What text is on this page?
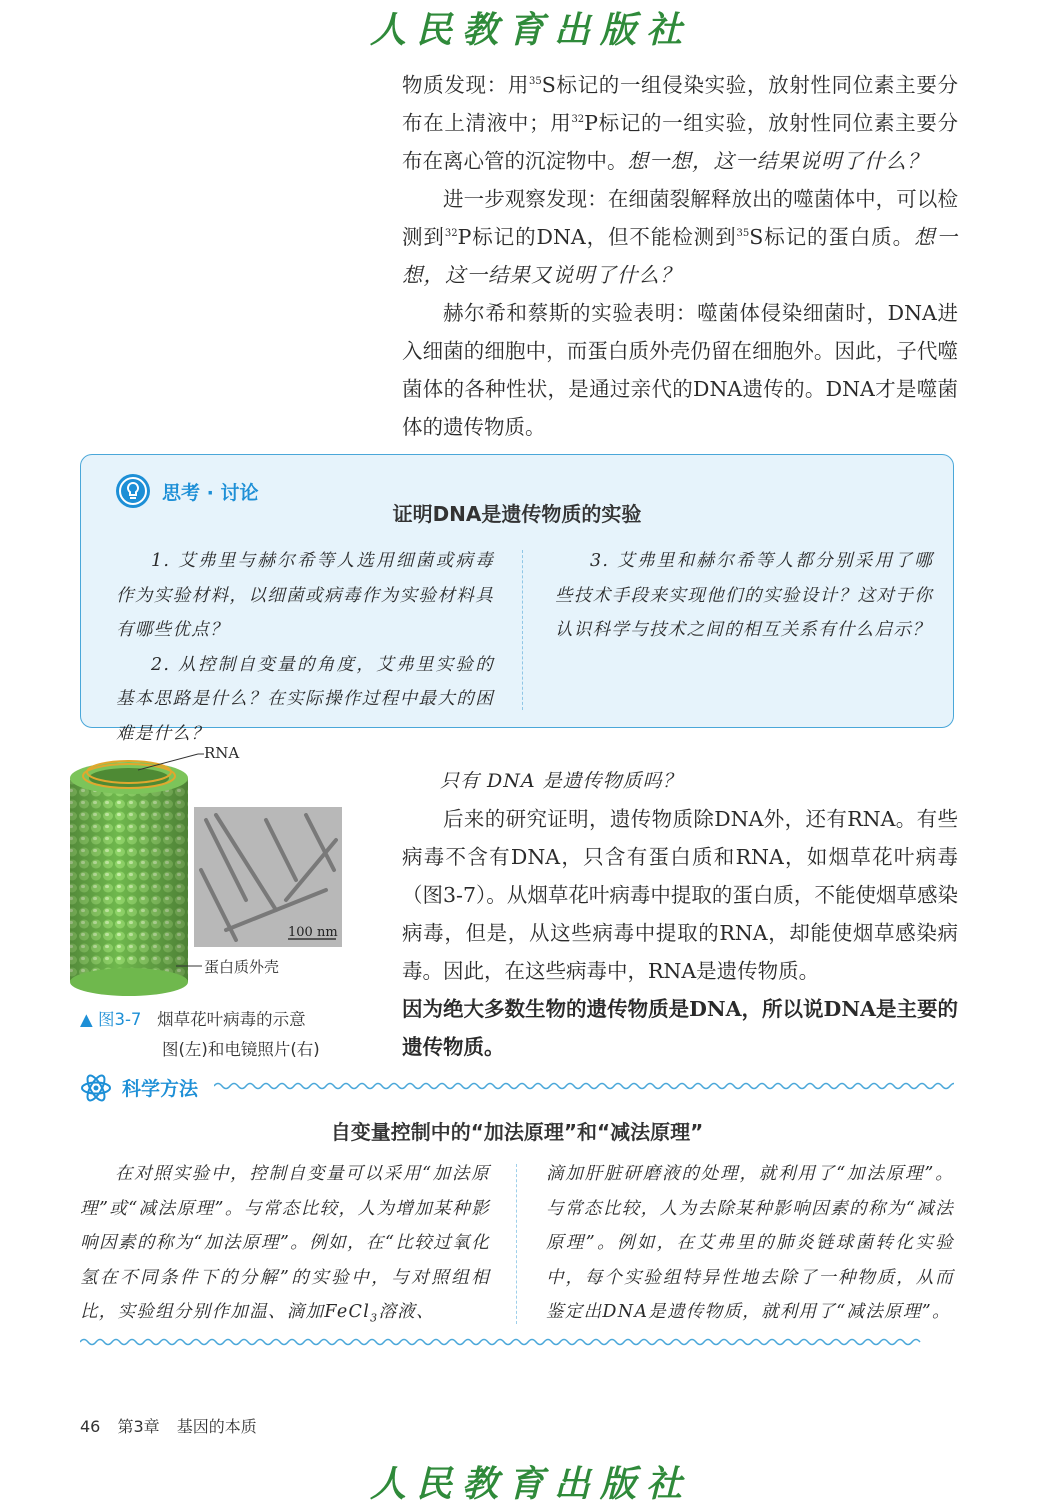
人民教育出版社

物质发现：用$^{35}$S标记的一组侵染实验，放射性同位素主要分布在上清液中；用$^{32}$P标记的一组实验，放射性同位素主要分布在离心管的沉淀物中。想一想，这一结果说明了什么？

进一步观察发现：在细菌裂解释放出的噬菌体中，可以检测到$^{32}$P标记的DNA，但不能检测到$^{35}$S标记的蛋白质。想一想，这一结果又说明了什么？

赫尔希和蔡斯的实验表明：噬菌体侵染细菌时，DNA进入细菌的细胞中，而蛋白质外壳仍留在细胞外。因此，子代噬菌体的各种性状，是通过亲代的DNA遗传的。DNA才是噬菌体的遗传物质。

思考 · 讨论
证明DNA是遗传物质的实验

1. 艾弗里与赫尔希等人选用细菌或病毒作为实验材料，以细菌或病毒作为实验材料具有哪些优点？

2. 从控制自变量的角度，艾弗里实验的基本思路是什么？在实际操作过程中最大的困难是什么？

3. 艾弗里和赫尔希等人都分别采用了哪些技术手段来实现他们的实验设计？这对于你认识科学与技术之间的相互关系有什么启示？

100 nm
RNA
蛋白质外壳
▲ 图3-7 烟草花叶病毒的示意
图(左)和电镜照片(右)

只有 DNA 是遗传物质吗？

后来的研究证明，遗传物质除DNA外，还有RNA。有些病毒不含有DNA，只含有蛋白质和RNA，如烟草花叶病毒（图3-7）。从烟草花叶病毒中提取的蛋白质，不能使烟草感染病毒，但是，从这些病毒中提取的RNA，却能使烟草感染病毒。因此，在这些病毒中，RNA是遗传物质。

因为绝大多数生物的遗传物质是DNA，所以说DNA是主要的遗传物质。

科学方法
自变量控制中的“加法原理”和“减法原理”

在对照实验中，控制自变量可以采用“加法原理”或“减法原理”。与常态比较，人为增加某种影响因素的称为“加法原理”。例如，在“比较过氧化氢在不同条件下的分解”的实验中，与对照组相比，实验组分别作加温、滴加FeCl$_3$溶液、

滴加肝脏研磨液的处理，就利用了“加法原理”。与常态比较，人为去除某种影响因素的称为“减法原理”。例如，在艾弗里的肺炎链球菌转化实验中，每个实验组特异性地去除了一种物质，从而鉴定出DNA是遗传物质，就利用了“减法原理”。

46 第3章 基因的本质
人民教育出版社
